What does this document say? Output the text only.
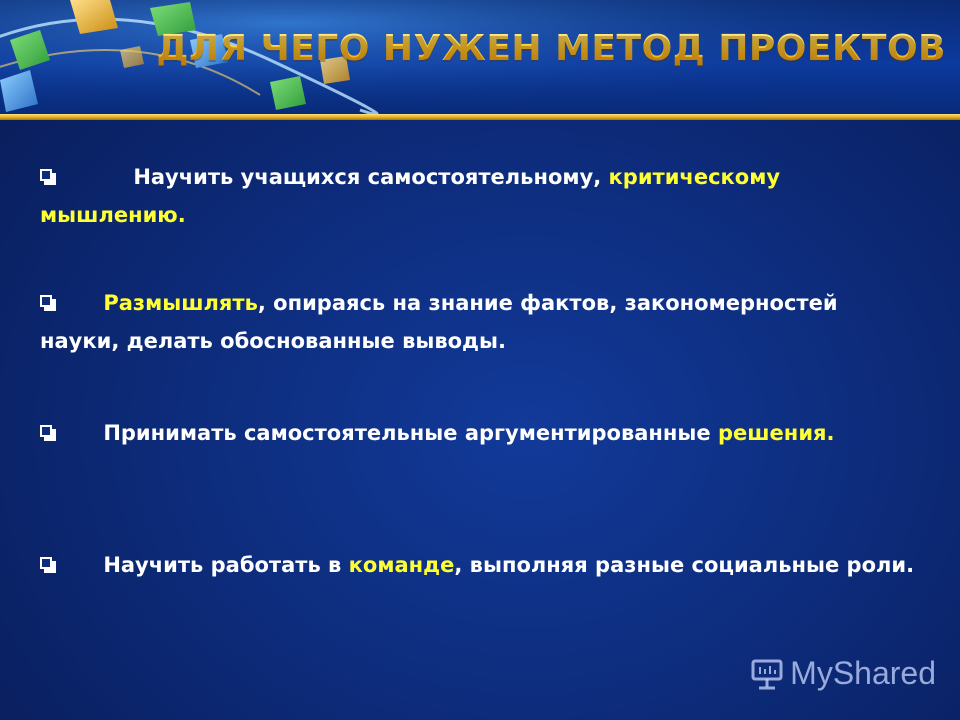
ДЛЯ ЧЕГО НУЖЕН МЕТОД ПРОЕКТОВ
Научить учащихся самостоятельному, критическому мышлению.
Размышлять, опираясь на знание фактов, закономерностей науки, делать обоснованные выводы.
Принимать самостоятельные аргументированные решения.
Научить работать в команде, выполняя разные социальные роли.
MyShared
